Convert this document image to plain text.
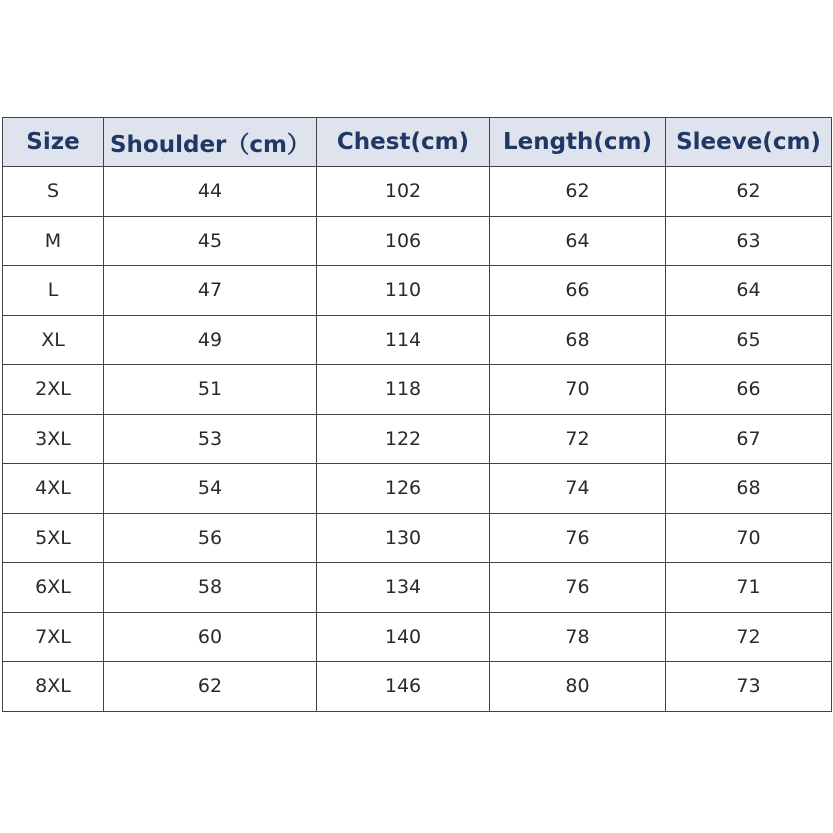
Size	Shoulder（cm）	Chest(cm)	Length(cm)	Sleeve(cm)
S	44	102	62	62
M	45	106	64	63
L	47	110	66	64
XL	49	114	68	65
2XL	51	118	70	66
3XL	53	122	72	67
4XL	54	126	74	68
5XL	56	130	76	70
6XL	58	134	76	71
7XL	60	140	78	72
8XL	62	146	80	73
